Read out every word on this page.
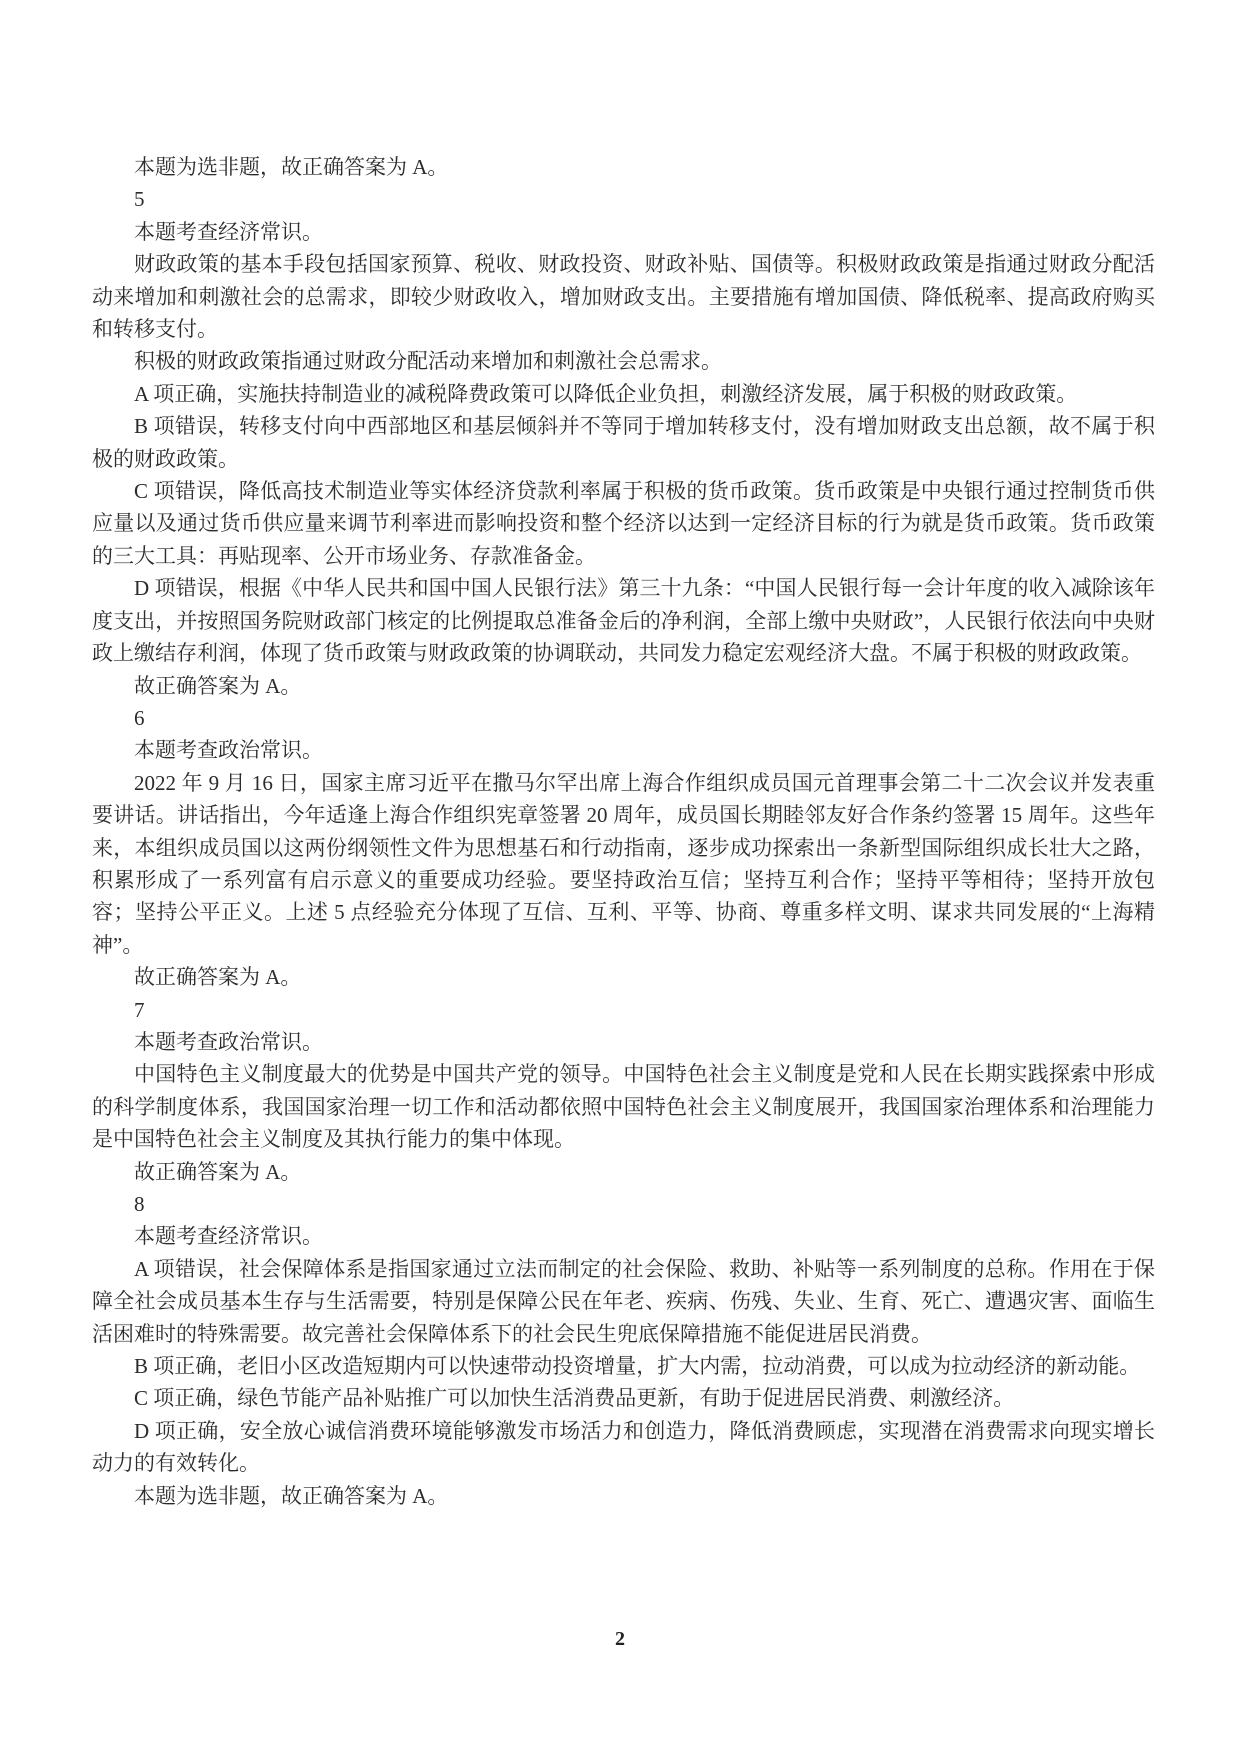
本题为选非题，故正确答案为 A。

5

本题考查经济常识。

财政政策的基本手段包括国家预算、税收、财政投资、财政补贴、国债等。积极财政政策是指通过财政分配活动来增加和刺激社会的总需求，即较少财政收入，增加财政支出。主要措施有增加国债、降低税率、提高政府购买和转移支付。

积极的财政政策指通过财政分配活动来增加和刺激社会总需求。

A 项正确，实施扶持制造业的减税降费政策可以降低企业负担，刺激经济发展，属于积极的财政政策。

B 项错误，转移支付向中西部地区和基层倾斜并不等同于增加转移支付，没有增加财政支出总额，故不属于积极的财政政策。

C 项错误，降低高技术制造业等实体经济贷款利率属于积极的货币政策。货币政策是中央银行通过控制货币供应量以及通过货币供应量来调节利率进而影响投资和整个经济以达到一定经济目标的行为就是货币政策。货币政策的三大工具：再贴现率、公开市场业务、存款准备金。

D 项错误，根据《中华人民共和国中国人民银行法》第三十九条：“中国人民银行每一会计年度的收入减除该年度支出，并按照国务院财政部门核定的比例提取总准备金后的净利润，全部上缴中央财政”，人民银行依法向中央财政上缴结存利润，体现了货币政策与财政政策的协调联动，共同发力稳定宏观经济大盘。不属于积极的财政政策。

故正确答案为 A。

6

本题考查政治常识。

2022 年 9 月 16 日，国家主席习近平在撒马尔罕出席上海合作组织成员国元首理事会第二十二次会议并发表重要讲话。讲话指出，今年适逢上海合作组织宪章签署 20 周年，成员国长期睦邻友好合作条约签署 15 周年。这些年来，本组织成员国以这两份纲领性文件为思想基石和行动指南，逐步成功探索出一条新型国际组织成长壮大之路，积累形成了一系列富有启示意义的重要成功经验。要坚持政治互信；坚持互利合作；坚持平等相待；坚持开放包容；坚持公平正义。上述 5 点经验充分体现了互信、互利、平等、协商、尊重多样文明、谋求共同发展的“上海精神”。

故正确答案为 A。

7

本题考查政治常识。

中国特色主义制度最大的优势是中国共产党的领导。中国特色社会主义制度是党和人民在长期实践探索中形成的科学制度体系，我国国家治理一切工作和活动都依照中国特色社会主义制度展开，我国国家治理体系和治理能力是中国特色社会主义制度及其执行能力的集中体现。

故正确答案为 A。

8

本题考查经济常识。

A 项错误，社会保障体系是指国家通过立法而制定的社会保险、救助、补贴等一系列制度的总称。作用在于保障全社会成员基本生存与生活需要，特别是保障公民在年老、疾病、伤残、失业、生育、死亡、遭遇灾害、面临生活困难时的特殊需要。故完善社会保障体系下的社会民生兜底保障措施不能促进居民消费。

B 项正确，老旧小区改造短期内可以快速带动投资增量，扩大内需，拉动消费，可以成为拉动经济的新动能。

C 项正确，绿色节能产品补贴推广可以加快生活消费品更新，有助于促进居民消费、刺激经济。

D 项正确，安全放心诚信消费环境能够激发市场活力和创造力，降低消费顾虑，实现潜在消费需求向现实增长动力的有效转化。

本题为选非题，故正确答案为 A。

2
